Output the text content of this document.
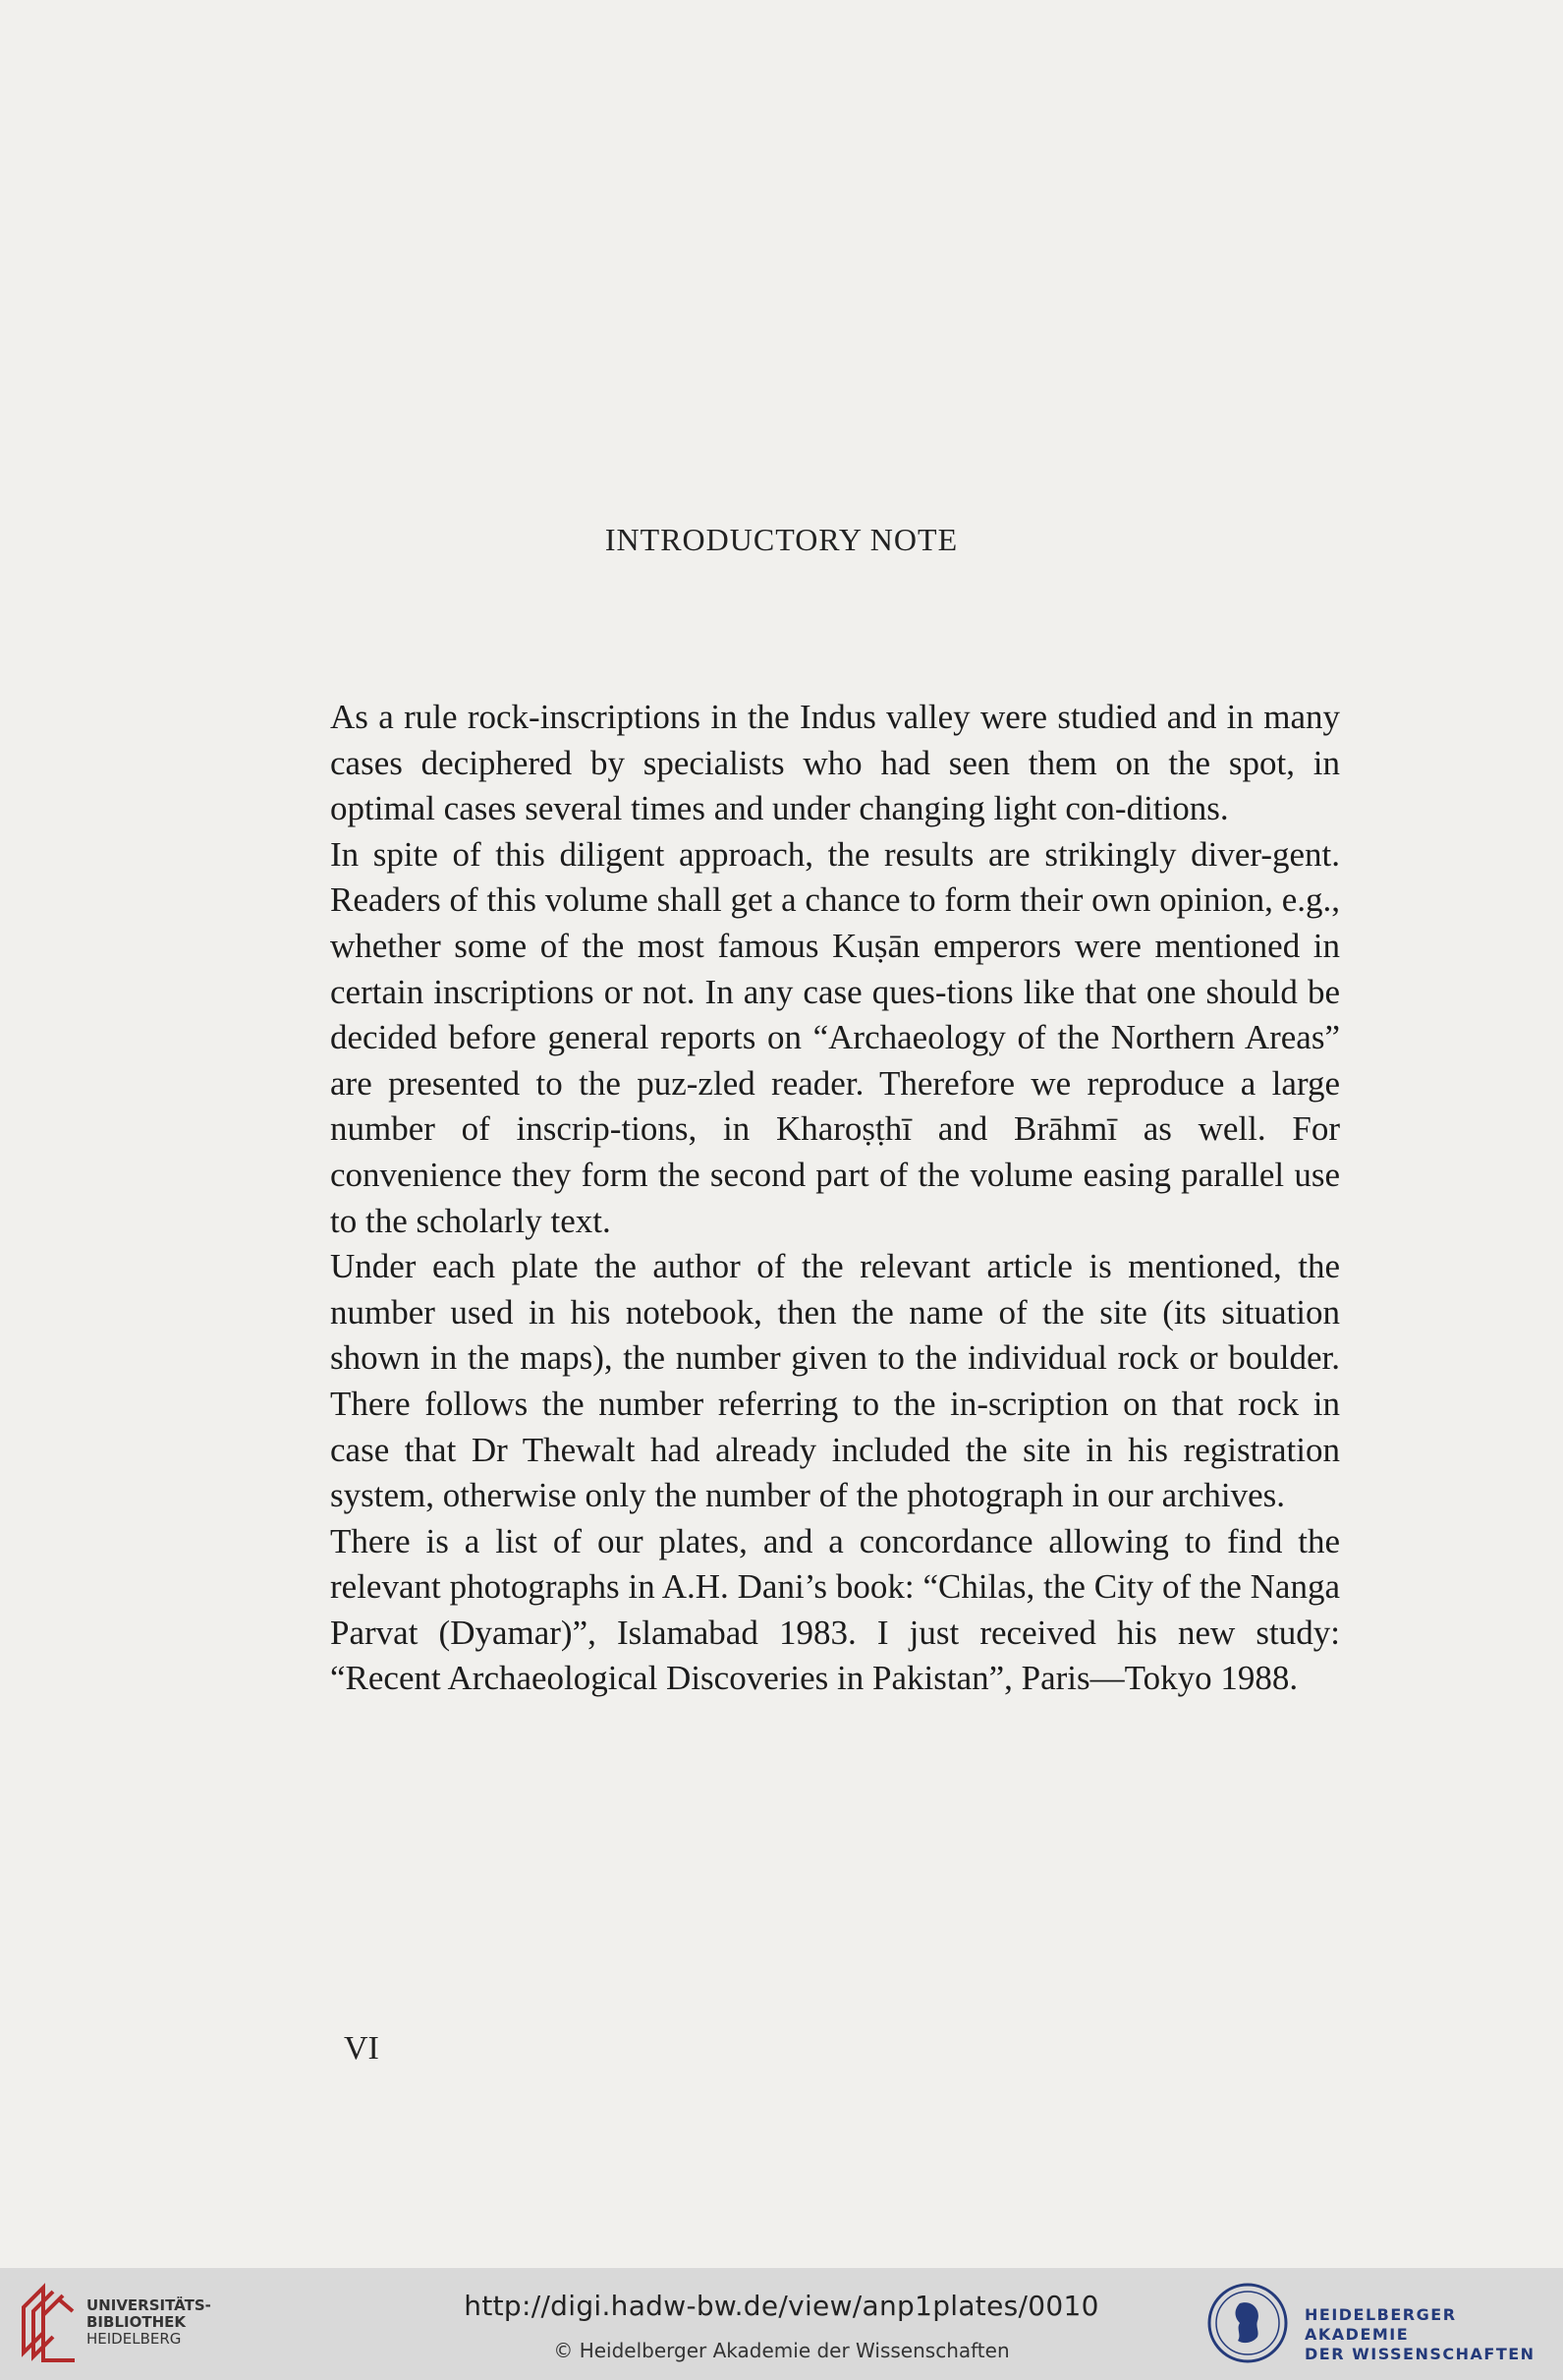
INTRODUCTORY NOTE

As a rule rock-inscriptions in the Indus valley were studied and in many cases deciphered by specialists who had seen them on the spot, in optimal cases several times and under changing light con-ditions.

In spite of this diligent approach, the results are strikingly diver-gent. Readers of this volume shall get a chance to form their own opinion, e.g., whether some of the most famous Kuṣān emperors were mentioned in certain inscriptions or not. In any case ques-tions like that one should be decided before general reports on “Archaeology of the Northern Areas” are presented to the puz-zled reader. Therefore we reproduce a large number of inscrip-tions, in Kharoṣṭhī and Brāhmī as well. For convenience they form the second part of the volume easing parallel use to the scholarly text.

Under each plate the author of the relevant article is mentioned, the number used in his notebook, then the name of the site (its situation shown in the maps), the number given to the individual rock or boulder. There follows the number referring to the in-scription on that rock in case that Dr Thewalt had already included the site in his registration system, otherwise only the number of the photograph in our archives.

There is a list of our plates, and a concordance allowing to find the relevant photographs in A.H. Dani’s book: “Chilas, the City of the Nanga Parvat (Dyamar)”, Islamabad 1983. I just received his new study: “Recent Archaeological Discoveries in Pakistan”, Paris—Tokyo 1988.

VI
UNIVERSITÄTS-
BIBLIOTHEK
HEIDELBERG
http://digi.hadw-bw.de/view/anp1plates/0010
© Heidelberger Akademie der Wissenschaften
HEIDELBERGER AKADEMIE
DER WISSENSCHAFTEN
